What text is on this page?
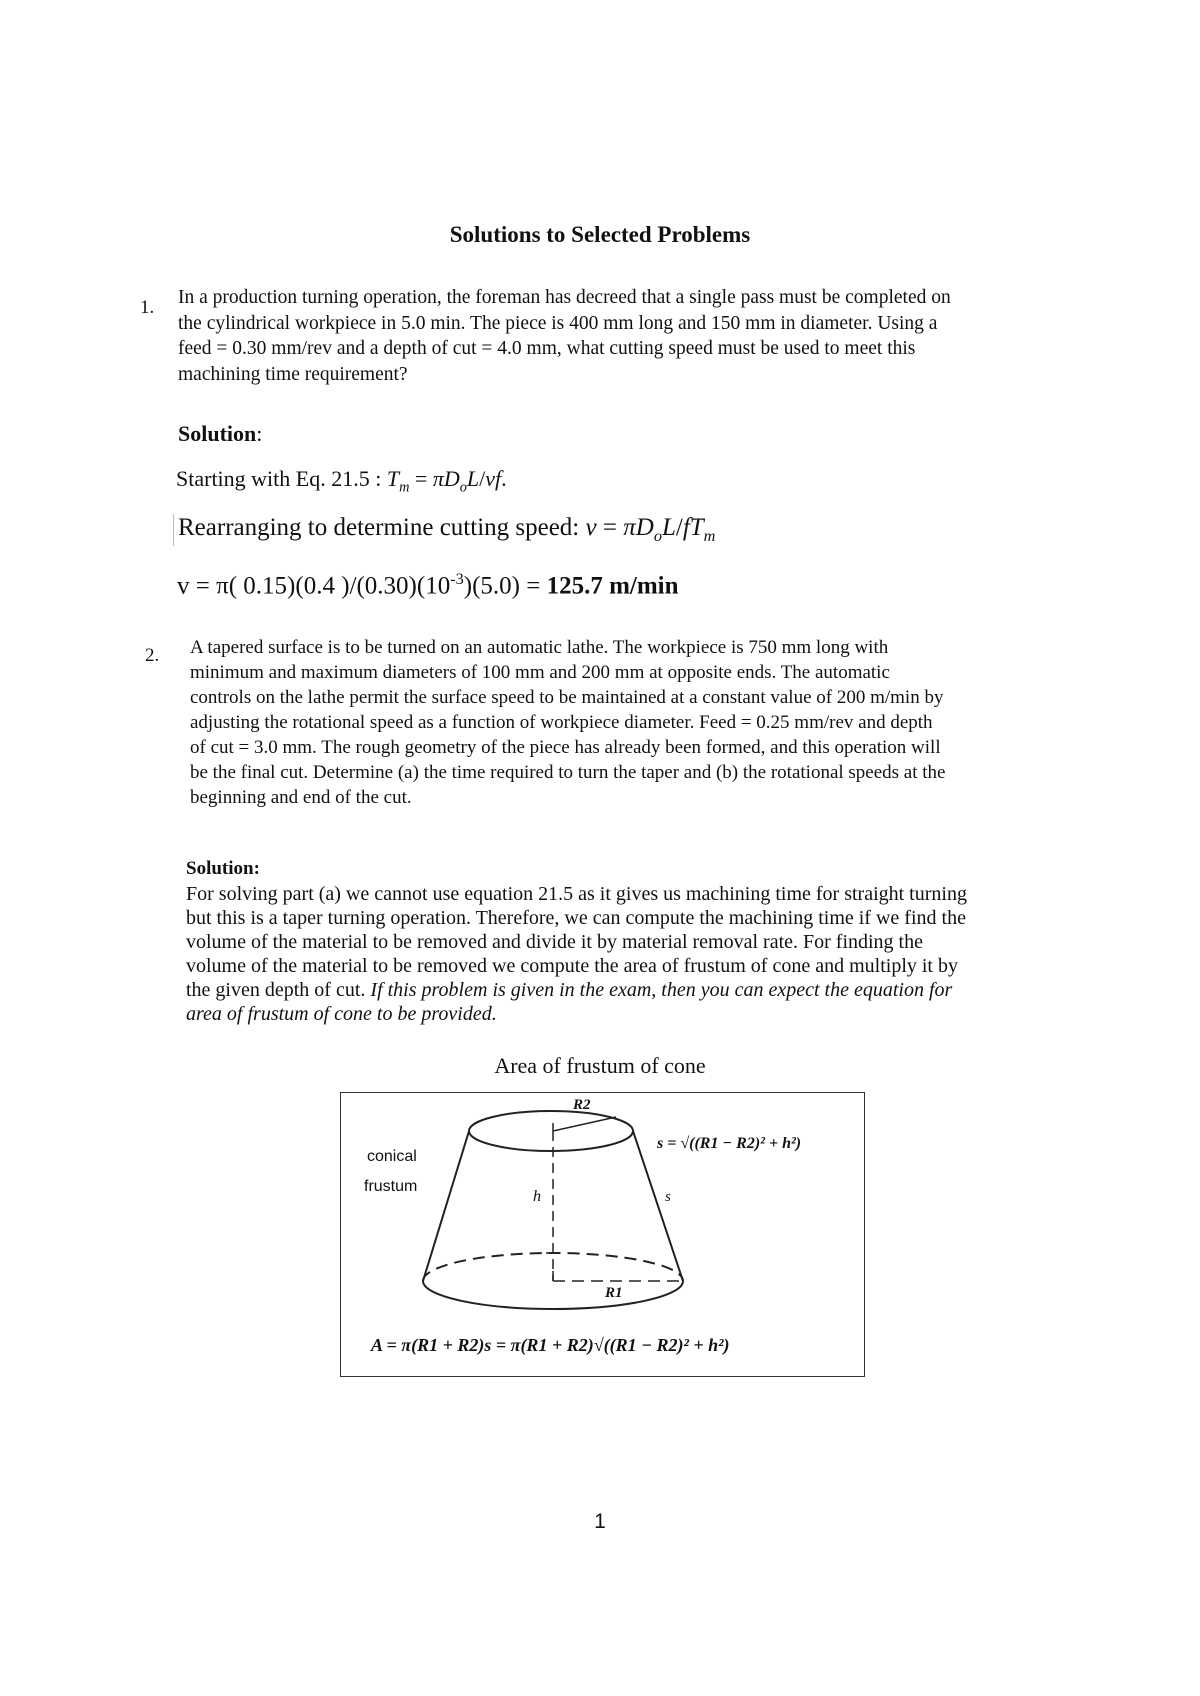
Solutions to Selected Problems
1. In a production turning operation, the foreman has decreed that a single pass must be completed on
the cylindrical workpiece in 5.0 min. The piece is 400 mm long and 150 mm in diameter. Using a
feed = 0.30 mm/rev and a depth of cut = 4.0 mm, what cutting speed must be used to meet this
machining time requirement?
Solution:
Starting with Eq. 21.5 : $T_m = \pi D_oL/vf$.
Rearranging to determine cutting speed: $v = \pi D_oL/fT_m$
v = π( 0.15)(0.4 )$/(0.30)(10^{-3})(5.0) = 125.7$ m/min
2. A tapered surface is to be turned on an automatic lathe. The workpiece is 750 mm long with
minimum and maximum diameters of 100 mm and 200 mm at opposite ends. The automatic
controls on the lathe permit the surface speed to be maintained at a constant value of 200 m/min by
adjusting the rotational speed as a function of workpiece diameter. Feed = 0.25 mm/rev and depth
of cut = 3.0 mm. The rough geometry of the piece has already been formed, and this operation will
be the final cut. Determine (a) the time required to turn the taper and (b) the rotational speeds at the
beginning and end of the cut.
Solution:
For solving part (a) we cannot use equation 21.5 as it gives us machining time for straight turning
but this is a taper turning operation. Therefore, we can compute the machining time if we find the
volume of the material to be removed and divide it by material removal rate. For finding the
volume of the material to be removed we compute the area of frustum of cone and multiply it by
the given depth of cut. If this problem is given in the exam, then you can expect the equation for
area of frustum of cone to be provided.
Area of frustum of cone
conical
frustum
R2
h	s
R1
s = √((R1 − R2)² + h²)
A = π(R1 + R2)s = π(R1 + R2)√((R1 − R2)² + h²)
1
